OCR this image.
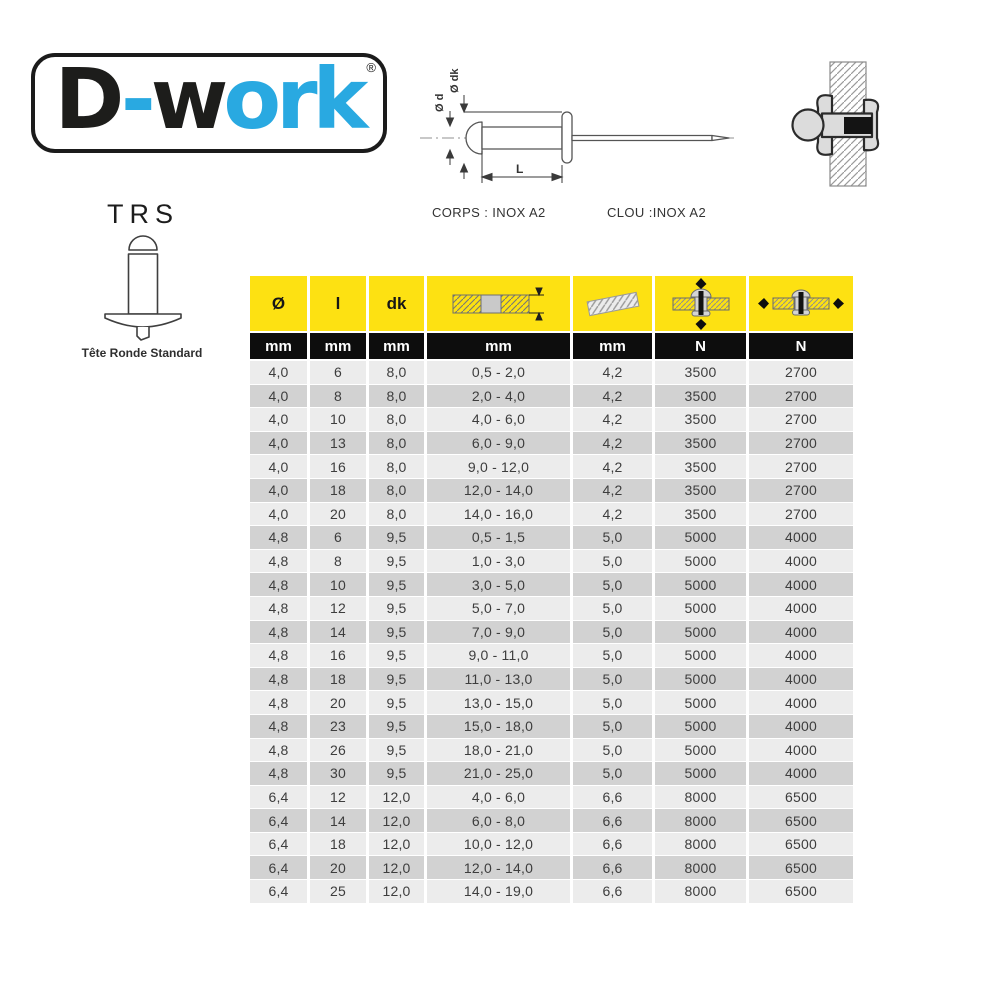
D-work ®
TRS
Tête Ronde Standard
Ø d
Ø dk
L
CORPS : INOX A2	CLOU :INOX A2
Ø	l	dk
mm	mm	mm	mm	mm	N	N
4,0	6	8,0	0,5 - 2,0	4,2	3500	2700
4,0	8	8,0	2,0 - 4,0	4,2	3500	2700
4,0	10	8,0	4,0 - 6,0	4,2	3500	2700
4,0	13	8,0	6,0 - 9,0	4,2	3500	2700
4,0	16	8,0	9,0 - 12,0	4,2	3500	2700
4,0	18	8,0	12,0 - 14,0	4,2	3500	2700
4,0	20	8,0	14,0 - 16,0	4,2	3500	2700
4,8	6	9,5	0,5 - 1,5	5,0	5000	4000
4,8	8	9,5	1,0 - 3,0	5,0	5000	4000
4,8	10	9,5	3,0 - 5,0	5,0	5000	4000
4,8	12	9,5	5,0 - 7,0	5,0	5000	4000
4,8	14	9,5	7,0 - 9,0	5,0	5000	4000
4,8	16	9,5	9,0 - 11,0	5,0	5000	4000
4,8	18	9,5	11,0 - 13,0	5,0	5000	4000
4,8	20	9,5	13,0 - 15,0	5,0	5000	4000
4,8	23	9,5	15,0 - 18,0	5,0	5000	4000
4,8	26	9,5	18,0 - 21,0	5,0	5000	4000
4,8	30	9,5	21,0 - 25,0	5,0	5000	4000
6,4	12	12,0	4,0 - 6,0	6,6	8000	6500
6,4	14	12,0	6,0 - 8,0	6,6	8000	6500
6,4	18	12,0	10,0 - 12,0	6,6	8000	6500
6,4	20	12,0	12,0 - 14,0	6,6	8000	6500
6,4	25	12,0	14,0 - 19,0	6,6	8000	6500
